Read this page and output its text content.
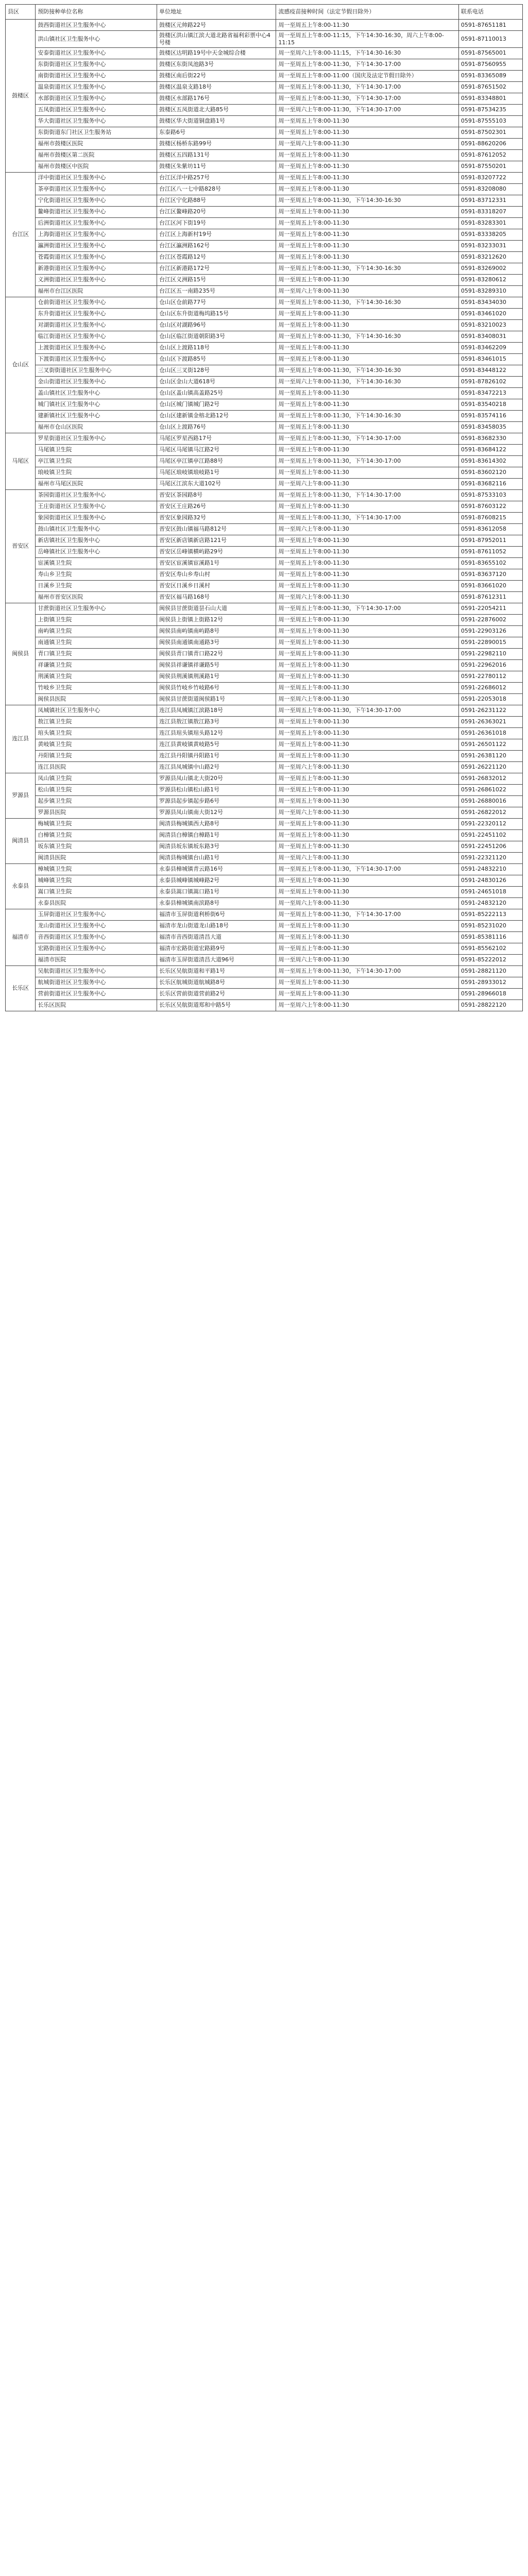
县区	预防接种单位名称	单位地址	流感疫苗接种时间（法定节假日除外）	联系电话
鼓楼区	鼓西街道社区卫生服务中心	鼓楼区元帅路22号	周一至周五上午8:00-11:30	0591-87651181
	洪山镇社区卫生服务中心	鼓楼区洪山镇江滨大道北路省福利彩票中心4号楼	周一至周五上午8:00-11:15，下午14:30-16:30，周六上午8:00-11:15	0591-87110013
	安泰街道社区卫生服务中心	鼓楼区达明路19号中天金城综合楼	周一至周六上午8:00-11:15，下午14:30-16:30	0591-87565001
	东街街道社区卫生服务中心	鼓楼区东街凤池路3号	周一至周五上午8:00-11:30，下午14:30-17:00	0591-87560955
	南街街道社区卫生服务中心	鼓楼区南后街22号	周一至周五上午8:00-11:00（国庆及法定节假日除外）	0591-83365089
	温泉街道社区卫生服务中心	鼓楼区温泉支路18号	周一至周五上午8:00-11:30，下午14:30-17:00	0591-87651502
	水部街道社区卫生服务中心	鼓楼区水部路176号	周一至周五上午8:00-11:30，下午14:30-17:00	0591-83348801
	五凤街道社区卫生服务中心	鼓楼区五凤街道北大路85号	周一至周六上午8:00-11:30，下午14:30-17:00	0591-87534235
	华大街道社区卫生服务中心	鼓楼区华大街道铜盘路1号	周一至周五上午8:00-11:30	0591-87555103
	东街街道东门社区卫生服务站	东泰路6号	周一至周五上午8:00-11:30	0591-87502301
	福州市鼓楼区医院	鼓楼区杨桥东路99号	周一至周六上午8:00-11:30	0591-88620206
	福州市鼓楼区第二医院	鼓楼区五四路131号	周一至周五上午8:00-11:30	0591-87612052
	福州市鼓楼区中医院	鼓楼区朱紫坊11号	周一至周五上午8:00-11:30	0591-87550201
台江区	洋中街道社区卫生服务中心	台江区洋中路257号	周一至周五上午8:00-11:30	0591-83207722
	茶亭街道社区卫生服务中心	台江区八一七中路828号	周一至周五上午8:00-11:30	0591-83208080
	宁化街道社区卫生服务中心	台江区宁化路88号	周一至周五上午8:00-11:30，下午14:30-16:30	0591-83712331
	鳌峰街道社区卫生服务中心	台江区鳌峰路20号	周一至周五上午8:00-11:30	0591-83318207
	后洲街道社区卫生服务中心	台江区河下街19号	周一至周五上午8:00-11:30	0591-83283301
	上海街道社区卫生服务中心	台江区上海新村19号	周一至周五上午8:00-11:30	0591-83338205
	瀛洲街道社区卫生服务中心	台江区瀛洲路162号	周一至周五上午8:00-11:30	0591-83233031
	苍霞街道社区卫生服务中心	台江区苍霞路12号	周一至周五上午8:00-11:30	0591-83212620
	新港街道社区卫生服务中心	台江区新港路172号	周一至周五上午8:00-11:30，下午14:30-16:30	0591-83269002
	义洲街道社区卫生服务中心	台江区义洲路15号	周一至周五上午8:00-11:30	0591-83280612
	福州市台江区医院	台江区五一南路235号	周一至周六上午8:00-11:30	0591-83289310
仓山区	仓前街道社区卫生服务中心	仓山区仓前路77号	周一至周五上午8:00-11:30，下午14:30-16:30	0591-83434030
	东升街道社区卫生服务中心	仓山区东升街道梅坞路15号	周一至周五上午8:00-11:30	0591-83461020
	对湖街道社区卫生服务中心	仓山区对湖路96号	周一至周五上午8:00-11:30	0591-83210023
	临江街道社区卫生服务中心	仓山区临江街道朝阳路3号	周一至周五上午8:00-11:30，下午14:30-16:30	0591-83408031
	上渡街道社区卫生服务中心	仓山区上渡路118号	周一至周五上午8:00-11:30	0591-83462209
	下渡街道社区卫生服务中心	仓山区下渡路85号	周一至周五上午8:00-11:30	0591-83461015
	三叉街街道社区卫生服务中心	仓山区三叉街128号	周一至周五上午8:00-11:30，下午14:30-16:30	0591-83448122
	金山街道社区卫生服务中心	仓山区金山大道618号	周一至周六上午8:00-11:30，下午14:30-16:30	0591-87826102
	盖山镇社区卫生服务中心	仓山区盖山镇高盖路25号	周一至周五上午8:00-11:30	0591-83472213
	城门镇社区卫生服务中心	仓山区城门镇城门路2号	周一至周五上午8:00-11:30	0591-83540218
	建新镇社区卫生服务中心	仓山区建新镇金榕北路12号	周一至周五上午8:00-11:30，下午14:30-16:30	0591-83574116
	福州市仓山区医院	仓山区上渡路76号	周一至周五上午8:00-11:30	0591-83458035
马尾区	罗星街道社区卫生服务中心	马尾区罗星西路17号	周一至周五上午8:00-11:30，下午14:30-17:00	0591-83682330
	马尾镇卫生院	马尾区马尾镇马江路2号	周一至周五上午8:00-11:30	0591-83684122
	亭江镇卫生院	马尾区亭江镇亭江路88号	周一至周五上午8:00-11:30，下午14:30-17:00	0591-83614302
	琅岐镇卫生院	马尾区琅岐镇琅岐路1号	周一至周五上午8:00-11:30	0591-83602120
	福州市马尾区医院	马尾区江滨东大道102号	周一至周六上午8:00-11:30	0591-83682116
晋安区	茶园街道社区卫生服务中心	晋安区茶园路8号	周一至周五上午8:00-11:30，下午14:30-17:00	0591-87533103
	王庄街道社区卫生服务中心	晋安区王庄路26号	周一至周五上午8:00-11:30	0591-87603122
	象园街道社区卫生服务中心	晋安区象园路32号	周一至周五上午8:00-11:30，下午14:30-17:00	0591-87608215
	鼓山镇社区卫生服务中心	晋安区鼓山镇福马路812号	周一至周六上午8:00-11:30	0591-83612058
	新店镇社区卫生服务中心	晋安区新店镇新店路121号	周一至周五上午8:00-11:30	0591-87952011
	岳峰镇社区卫生服务中心	晋安区岳峰镇横屿路29号	周一至周五上午8:00-11:30	0591-87611052
	宦溪镇卫生院	晋安区宦溪镇宦溪路1号	周一至周五上午8:00-11:30	0591-83655102
	寿山乡卫生院	晋安区寿山乡寿山村	周一至周五上午8:00-11:30	0591-83637120
	日溪乡卫生院	晋安区日溪乡日溪村	周一至周五上午8:00-11:30	0591-83661020
	福州市晋安区医院	晋安区福马路168号	周一至周六上午8:00-11:30	0591-87612311
闽侯县	甘蔗街道社区卫生服务中心	闽侯县甘蔗街道昙石山大道	周一至周五上午8:00-11:30，下午14:30-17:00	0591-22054211
	上街镇卫生院	闽侯县上街镇上街路12号	周一至周五上午8:00-11:30	0591-22876002
	南屿镇卫生院	闽侯县南屿镇南屿路8号	周一至周五上午8:00-11:30	0591-22903126
	南通镇卫生院	闽侯县南通镇南通路3号	周一至周五上午8:00-11:30	0591-22890015
	青口镇卫生院	闽侯县青口镇青口路22号	周一至周五上午8:00-11:30	0591-22982110
	祥谦镇卫生院	闽侯县祥谦镇祥谦路5号	周一至周五上午8:00-11:30	0591-22962016
	荆溪镇卫生院	闽侯县荆溪镇荆溪路1号	周一至周五上午8:00-11:30	0591-22780112
	竹岐乡卫生院	闽侯县竹岐乡竹岐路6号	周一至周五上午8:00-11:30	0591-22686012
	闽侯县医院	闽侯县甘蔗街道闽侯路1号	周一至周六上午8:00-11:30	0591-22053018
连江县	凤城镇社区卫生服务中心	连江县凤城镇江滨路18号	周一至周五上午8:00-11:30，下午14:30-17:00	0591-26231122
	敖江镇卫生院	连江县敖江镇敖江路3号	周一至周五上午8:00-11:30	0591-26363021
	琯头镇卫生院	连江县琯头镇琯头路12号	周一至周五上午8:00-11:30	0591-26361018
	黄岐镇卫生院	连江县黄岐镇黄岐路5号	周一至周五上午8:00-11:30	0591-26501122
	丹阳镇卫生院	连江县丹阳镇丹阳路1号	周一至周五上午8:00-11:30	0591-26381120
	连江县医院	连江县凤城镇中山路2号	周一至周六上午8:00-11:30	0591-26221120
罗源县	凤山镇卫生院	罗源县凤山镇北大街20号	周一至周五上午8:00-11:30	0591-26832012
	松山镇卫生院	罗源县松山镇松山路1号	周一至周五上午8:00-11:30	0591-26861022
	起步镇卫生院	罗源县起步镇起步路6号	周一至周五上午8:00-11:30	0591-26880016
	罗源县医院	罗源县凤山镇南大街12号	周一至周六上午8:00-11:30	0591-26822012
闽清县	梅城镇卫生院	闽清县梅城镇西大路8号	周一至周五上午8:00-11:30	0591-22320112
	白樟镇卫生院	闽清县白樟镇白樟路1号	周一至周五上午8:00-11:30	0591-22451102
	坂东镇卫生院	闽清县坂东镇坂东路3号	周一至周五上午8:00-11:30	0591-22451206
	闽清县医院	闽清县梅城镇台山路1号	周一至周六上午8:00-11:30	0591-22321120
永泰县	樟城镇卫生院	永泰县樟城镇青云路16号	周一至周五上午8:00-11:30，下午14:30-17:00	0591-24832210
	城峰镇卫生院	永泰县城峰镇城峰路2号	周一至周五上午8:00-11:30	0591-24830126
	嵩口镇卫生院	永泰县嵩口镇嵩口路1号	周一至周五上午8:00-11:30	0591-24651018
	永泰县医院	永泰县樟城镇南滨路8号	周一至周六上午8:00-11:30	0591-24832120
福清市	玉屏街道社区卫生服务中心	福清市玉屏街道利桥街6号	周一至周五上午8:00-11:30，下午14:30-17:00	0591-85222113
	龙山街道社区卫生服务中心	福清市龙山街道龙山路18号	周一至周五上午8:00-11:30	0591-85231020
	音西街道社区卫生服务中心	福清市音西街道清昌大道	周一至周五上午8:00-11:30	0591-85381116
	宏路街道社区卫生服务中心	福清市宏路街道宏路路9号	周一至周五上午8:00-11:30	0591-85562102
	福清市医院	福清市玉屏街道清昌大道96号	周一至周六上午8:00-11:30	0591-85222012
长乐区	吴航街道社区卫生服务中心	长乐区吴航街道和平路1号	周一至周五上午8:00-11:30，下午14:30-17:00	0591-28821120
	航城街道社区卫生服务中心	长乐区航城街道航城路8号	周一至周五上午8:00-11:30	0591-28933012
	营前街道社区卫生服务中心	长乐区营前街道营前路2号	周一至周五上午8:00-11:30	0591-28966018
	长乐区医院	长乐区吴航街道郑和中路5号	周一至周六上午8:00-11:30	0591-28822120
